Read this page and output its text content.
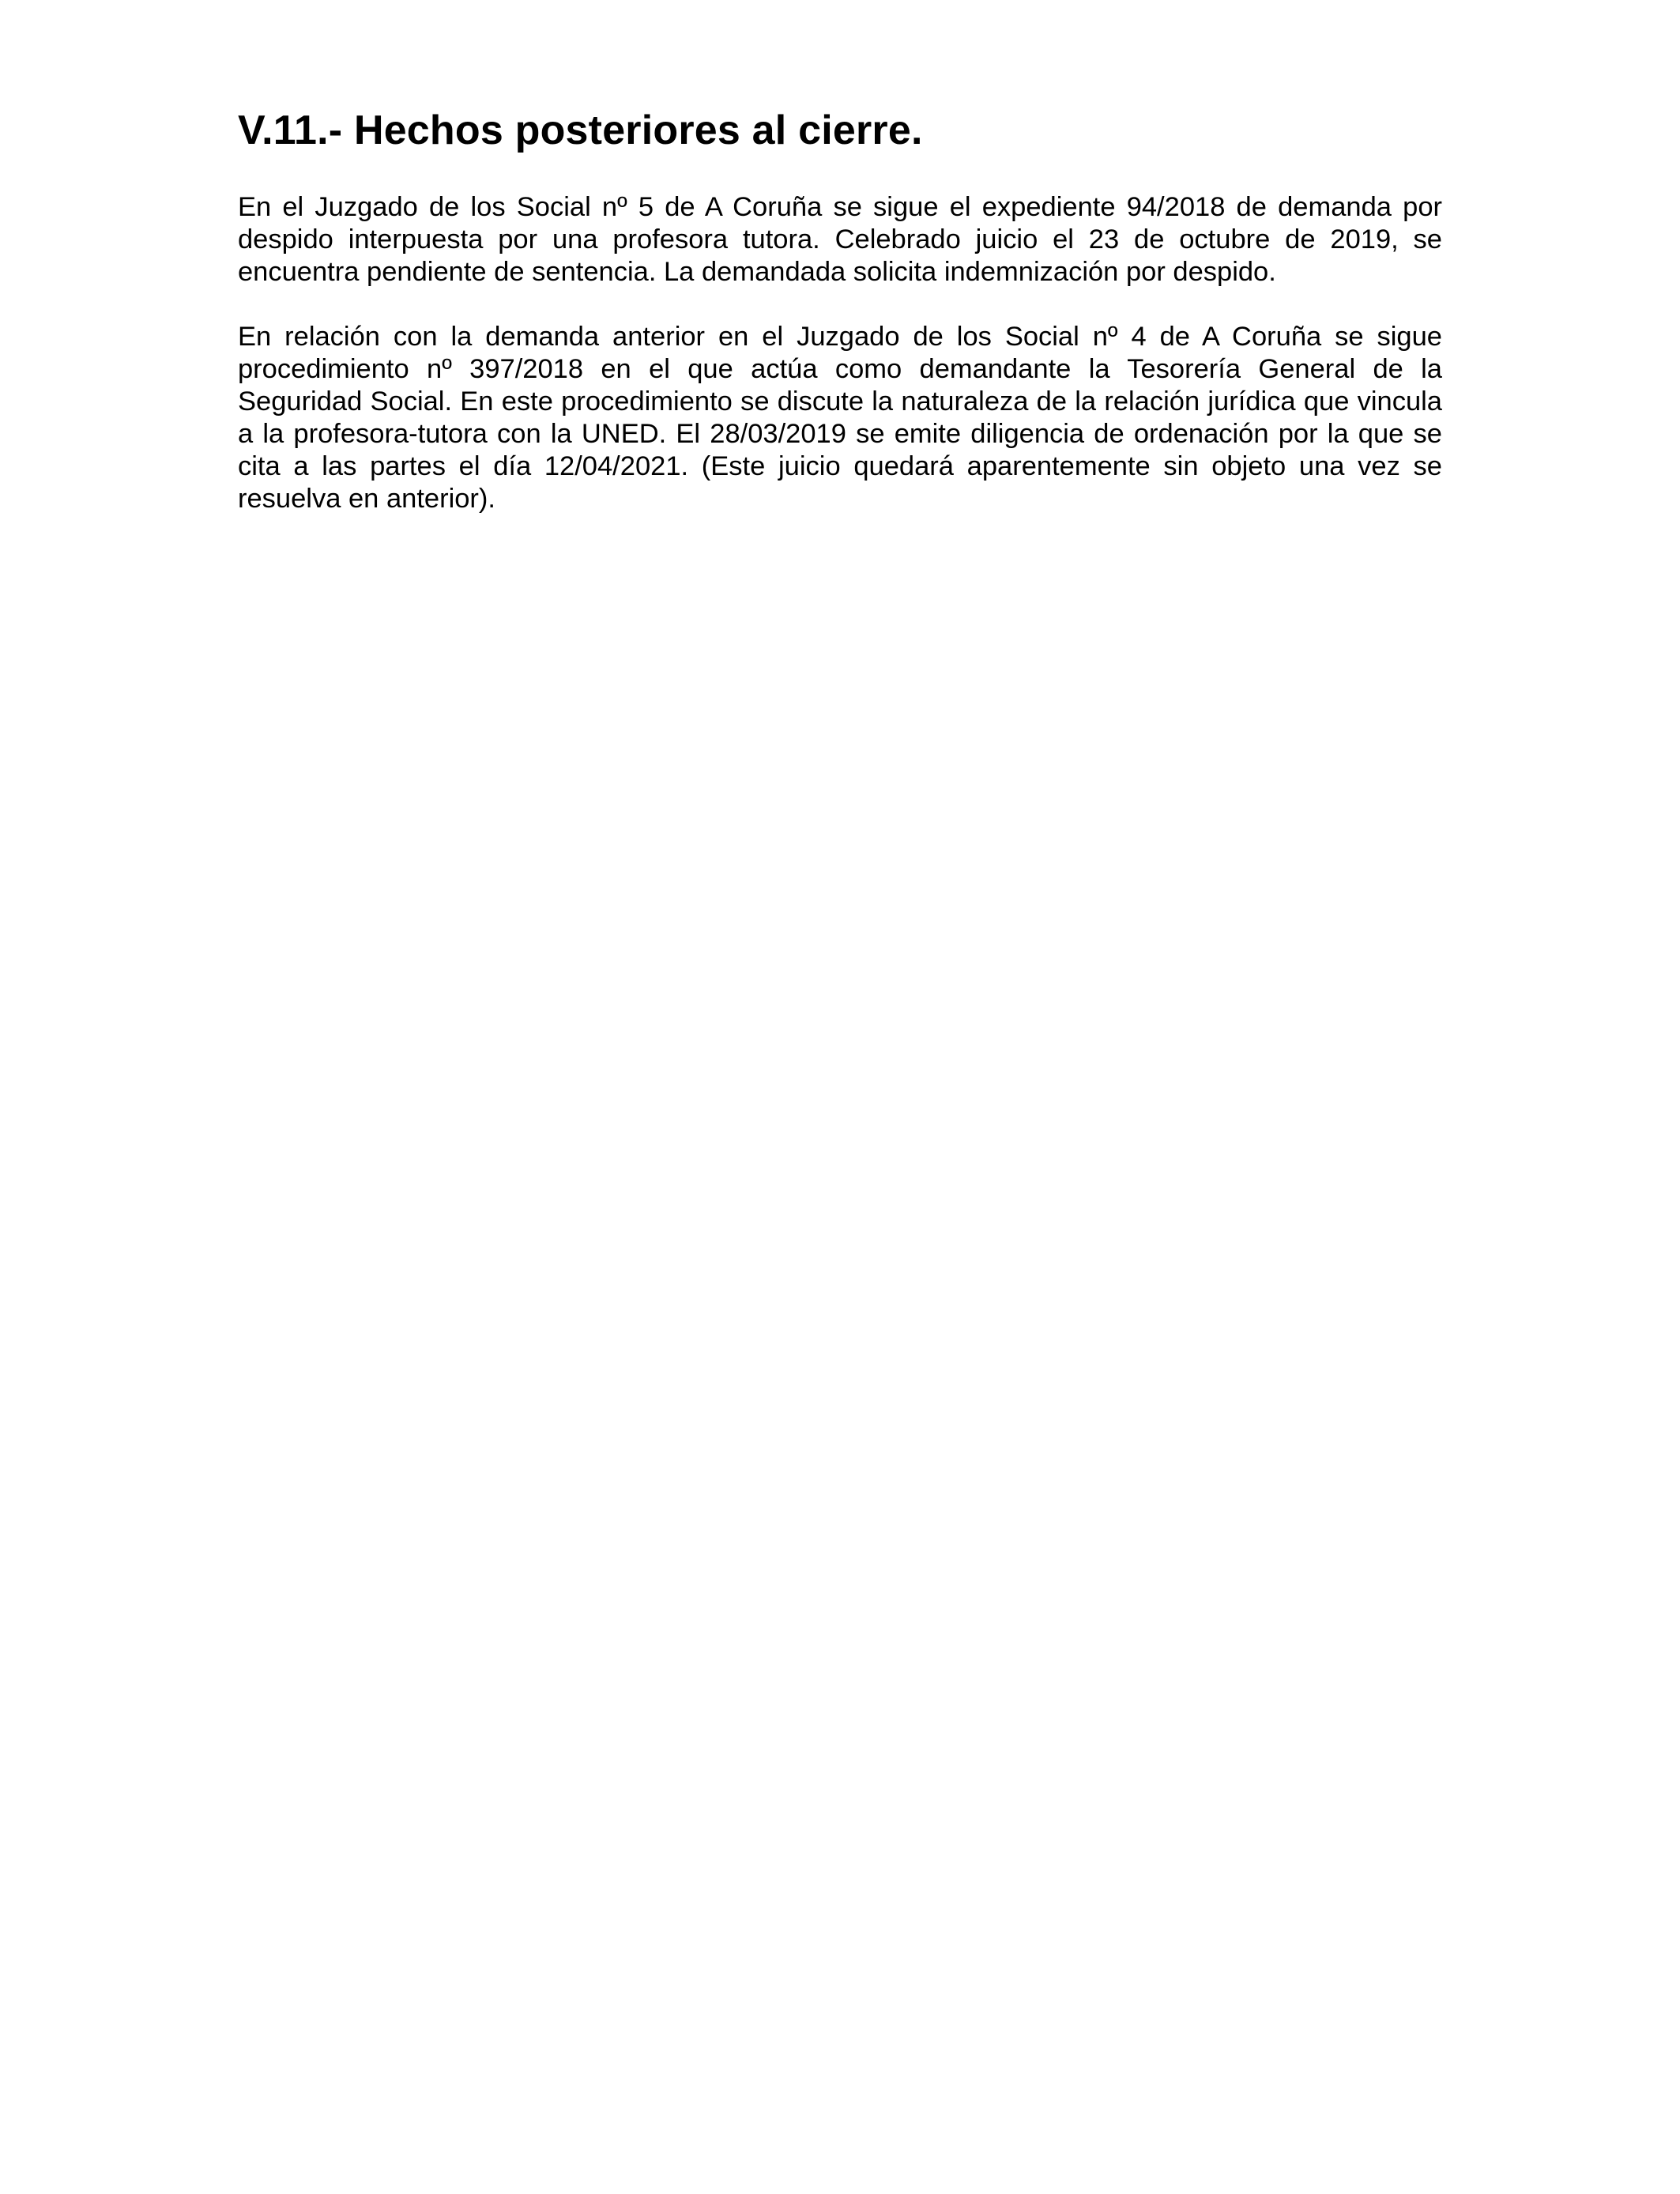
V.11.- Hechos posteriores al cierre.

En el Juzgado de los Social nº 5 de A Coruña se sigue el expediente 94/2018 de demanda por despido interpuesta por una profesora tutora. Celebrado juicio el 23 de octubre de 2019, se encuentra pendiente de sentencia. La demandada solicita indemnización por despido.

En relación con la demanda anterior en el Juzgado de los Social nº 4 de A Coruña se sigue procedimiento nº 397/2018 en el que actúa como demandante la Tesorería General de la Seguridad Social. En este procedimiento se discute la naturaleza de la relación jurídica que vincula a la profesora-tutora con la UNED. El 28/03/2019 se emite diligencia de ordenación por la que se cita a las partes el día 12/04/2021. (Este juicio quedará aparentemente sin objeto una vez se resuelva en anterior).
